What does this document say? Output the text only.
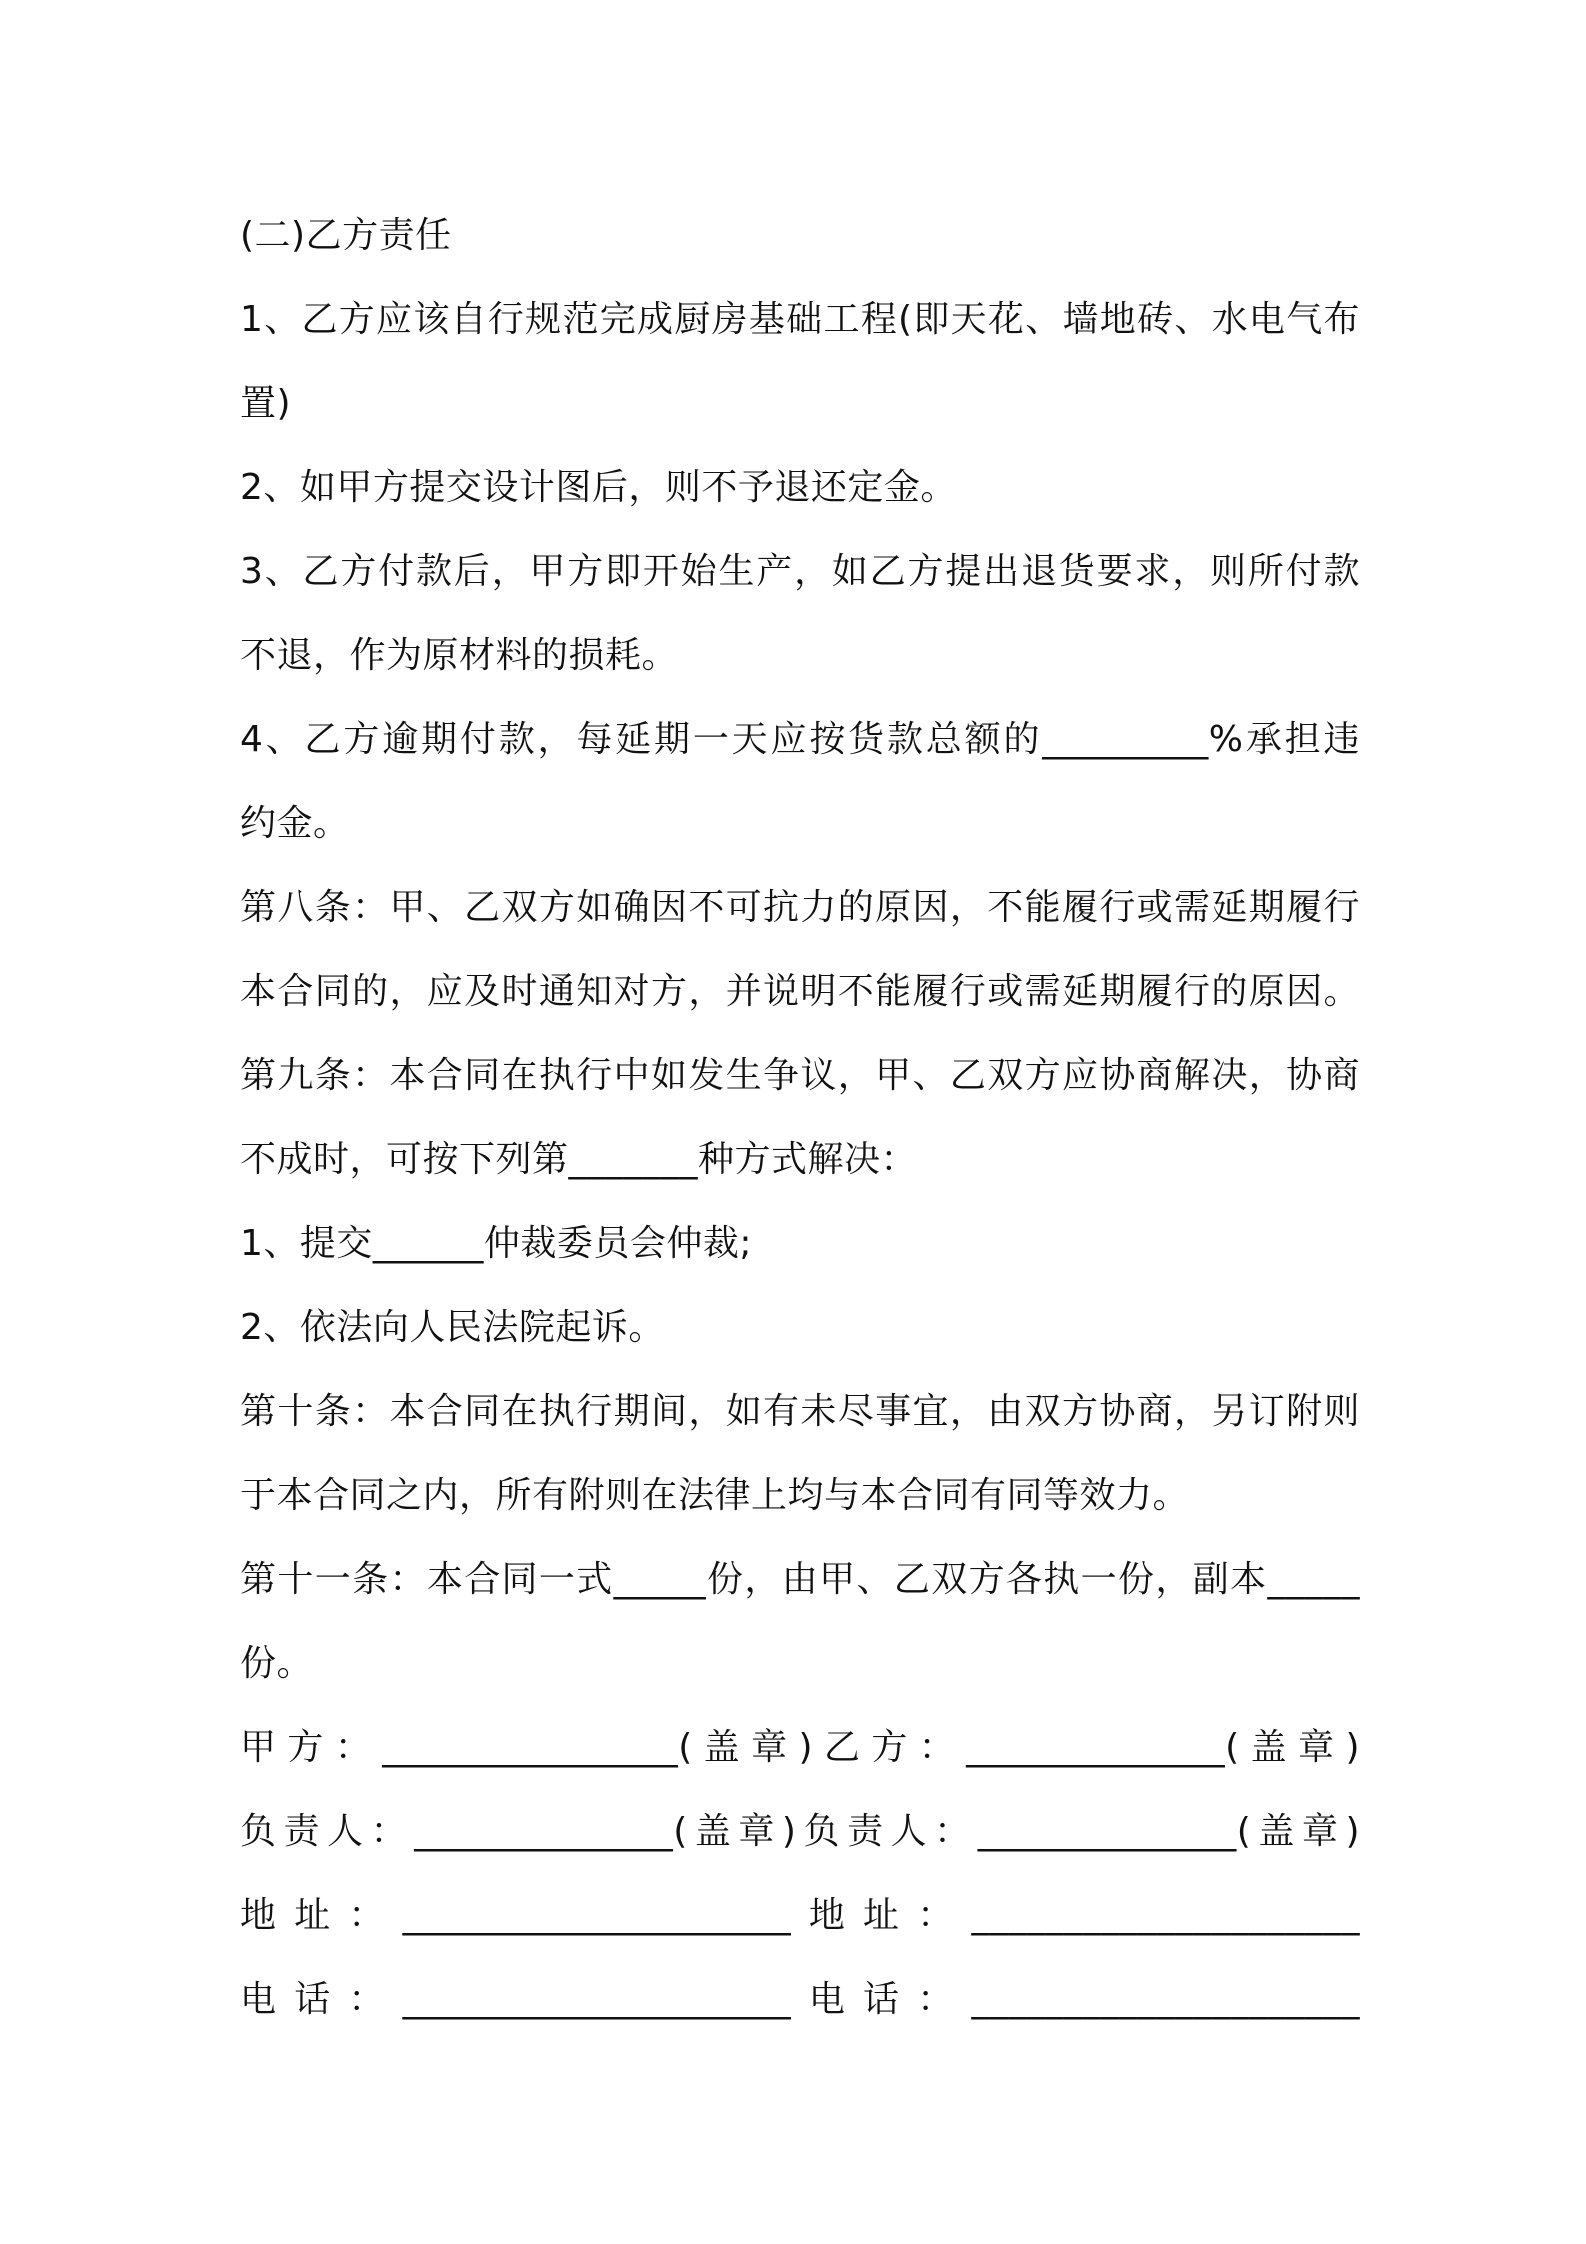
(二)乙方责任
1、乙方应该自行规范完成厨房基础工程(即天花、墙地砖、水电气布
置)
2、如甲方提交设计图后，则不予退还定金。
3、乙方付款后，甲方即开始生产，如乙方提出退货要求，则所付款
不退，作为原材料的损耗。
4、乙方逾期付款，每延期一天应按货款总额的_________%承担违
约金。
第八条：甲、乙双方如确因不可抗力的原因，不能履行或需延期履行
本合同的，应及时通知对方，并说明不能履行或需延期履行的原因。
第九条：本合同在执行中如发生争议，甲、乙双方应协商解决，协商
不成时，可按下列第_______种方式解决：
1、提交______仲裁委员会仲裁;
2、依法向人民法院起诉。
第十条：本合同在执行期间，如有未尽事宜，由双方协商，另订附则
于本合同之内，所有附则在法律上均与本合同有同等效力。
第十一条：本合同一式_____份，由甲、乙双方各执一份，副本_____
份。
甲方：________________(盖章)乙方：______________(盖章)
负责人：______________(盖章)负责人：______________(盖章)
地址：_____________________地址：_____________________
电话：_____________________电话：_____________________
